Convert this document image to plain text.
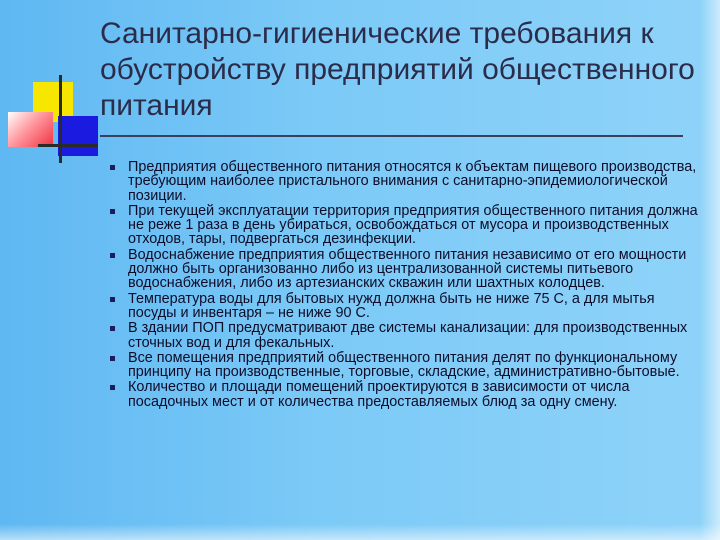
Санитарно-гигиенические требования к обустройству предприятий общественного питания
Предприятия общественного питания относятся к объектам пищевого производства, требующим наиболее пристального внимания с санитарно-эпидемиологической позиции.
При текущей эксплуатации территория предприятия общественного питания должна не реже 1 раза в день убираться, освобождаться от мусора и производственных отходов, тары, подвергаться дезинфекции.
Водоснабжение предприятия общественного питания независимо от его мощности должно быть организованно либо из централизованной системы питьевого водоснабжения, либо из артезианских скважин или шахтных колодцев.
Температура воды для бытовых нужд должна быть не ниже 75 С, а для мытья посуды и инвентаря – не ниже 90 С.
В здании ПОП предусматривают две системы канализации: для производственных сточных вод и для фекальных.
Все помещения предприятий общественного питания делят по функциональному принципу на производственные, торговые, складские, административно-бытовые.
Количество и площади помещений проектируются в зависимости от числа посадочных мест и от количества предоставляемых блюд за одну смену.
